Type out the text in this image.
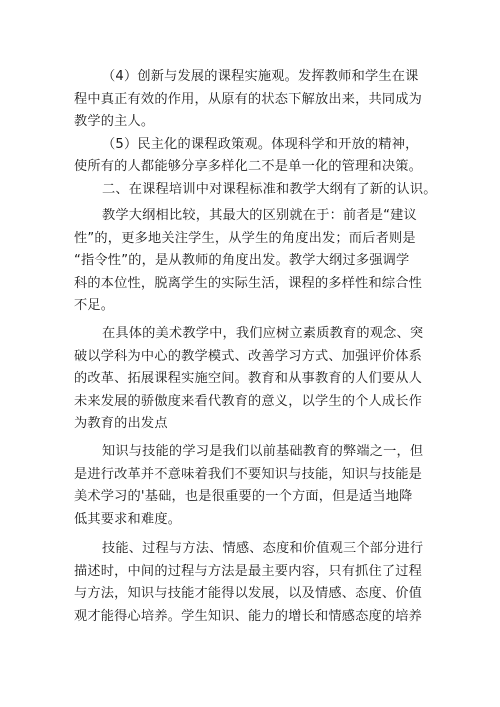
（4）创新与发展的课程实施观。发挥教师和学生在课
程中真正有效的作用，从原有的状态下解放出来，共同成为
教学的主人。
（5）民主化的课程政策观。体现科学和开放的精神，
使所有的人都能够分享多样化二不是单一化的管理和决策。
二、在课程培训中对课程标准和教学大纲有了新的认识。
教学大纲相比较，其最大的区别就在于：前者是“建议
性”的，更多地关注学生，从学生的角度出发；而后者则是
“指令性”的，是从教师的角度出发。教学大纲过多强调学
科的本位性，脱离学生的实际生活，课程的多样性和综合性
不足。
在具体的美术教学中，我们应树立素质教育的观念、突
破以学科为中心的教学模式、改善学习方式、加强评价体系
的改革、拓展课程实施空间。教育和从事教育的人们要从人
未来发展的骄傲度来看代教育的意义，以学生的个人成长作
为教育的出发点
知识与技能的学习是我们以前基础教育的弊端之一，但
是进行改革并不意味着我们不要知识与技能，知识与技能是
美术学习的'基础，也是很重要的一个方面，但是适当地降
低其要求和难度。
技能、过程与方法、情感、态度和价值观三个部分进行
描述时，中间的过程与方法是最主要内容，只有抓住了过程
与方法，知识与技能才能得以发展，以及情感、态度、价值
观才能得心培养。学生知识、能力的增长和情感态度的培养
